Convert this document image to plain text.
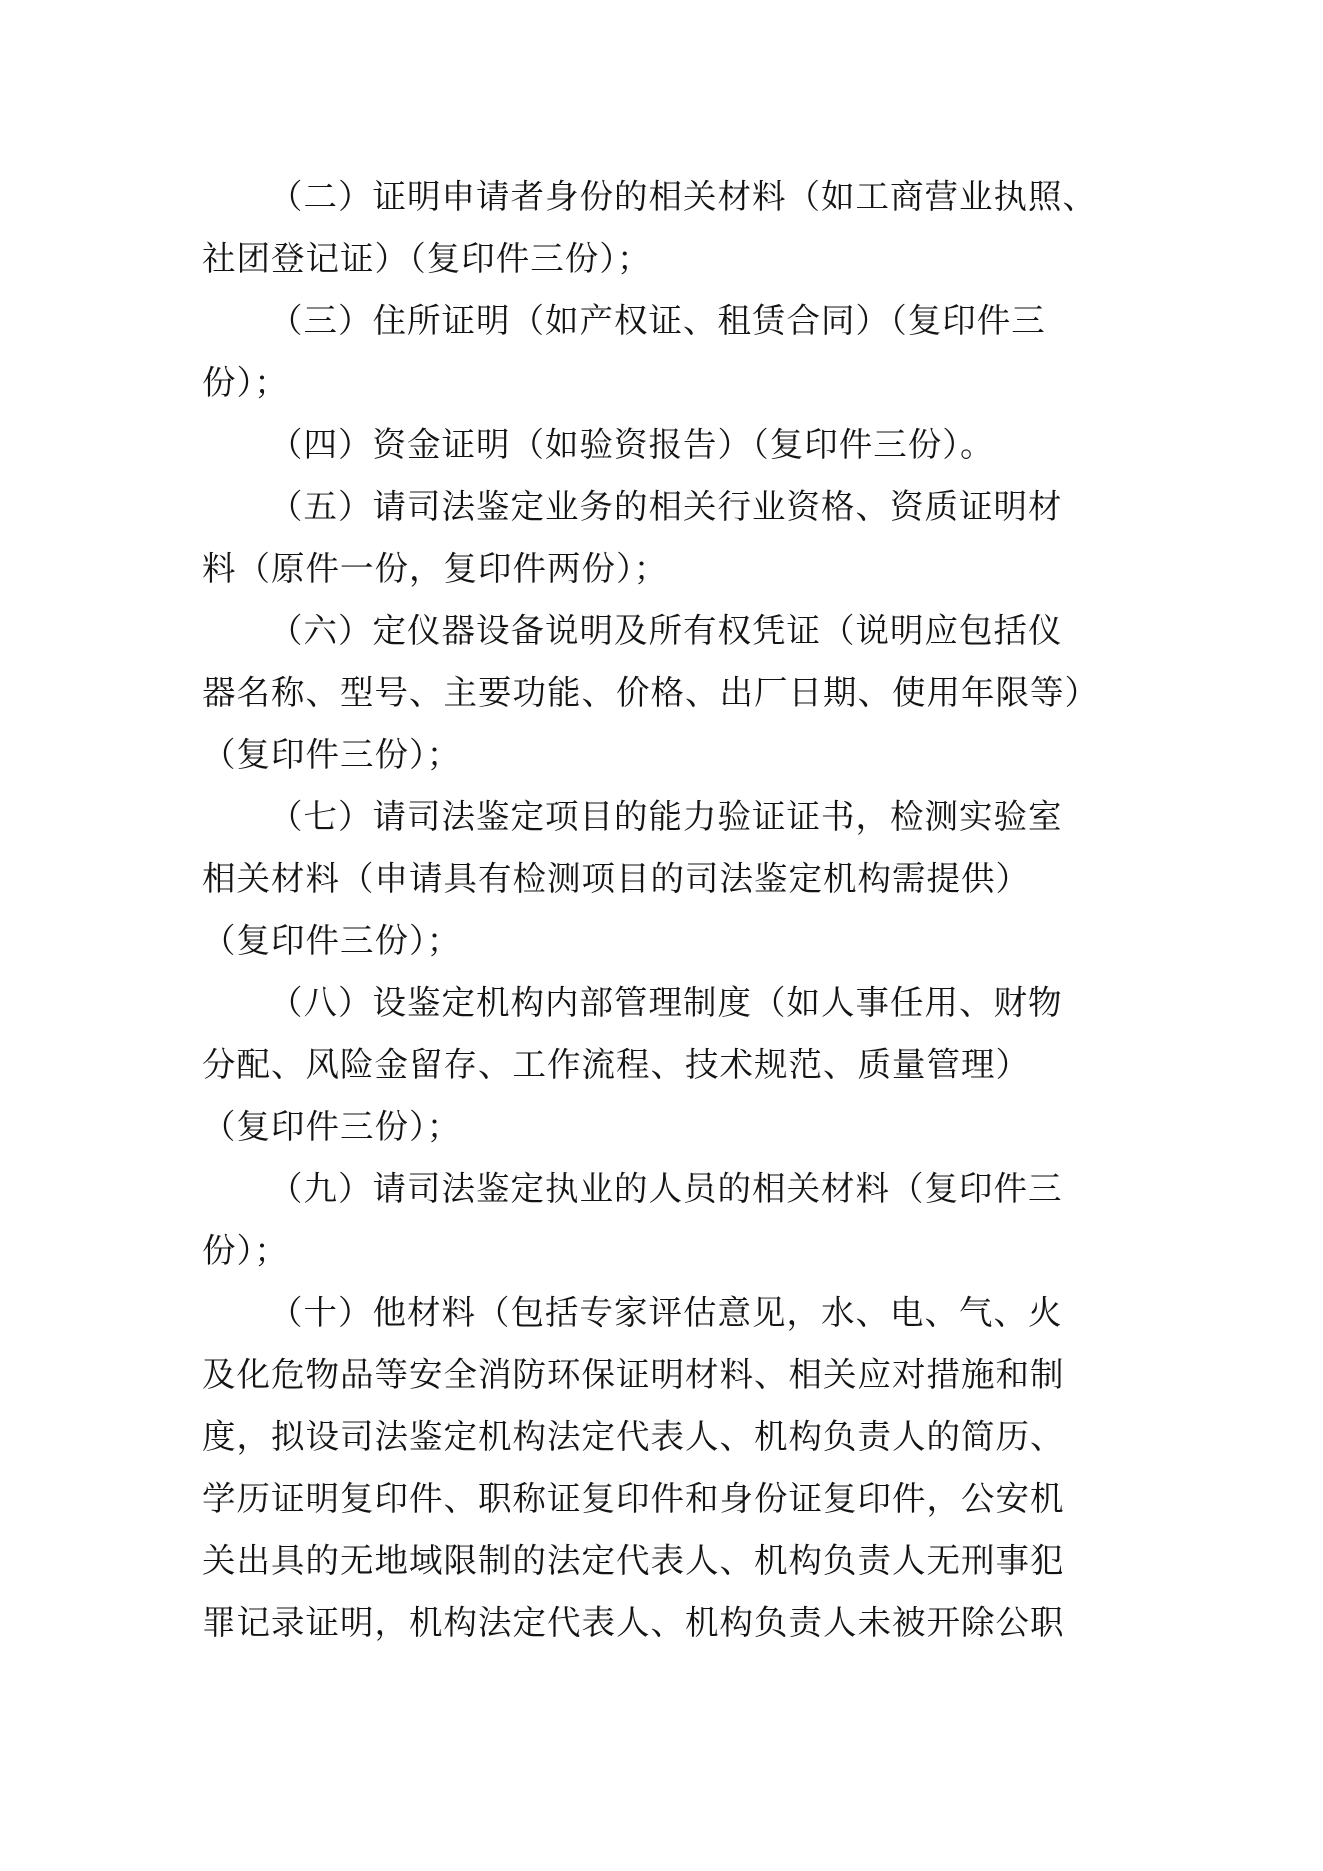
（二）证明申请者身份的相关材料（如工商营业执照、
社团登记证）（复印件三份）；
（三）住所证明（如产权证、租赁合同）（复印件三
份）；
（四）资金证明（如验资报告）（复印件三份）。
（五）请司法鉴定业务的相关行业资格、资质证明材
料（原件一份，复印件两份）；
（六）定仪器设备说明及所有权凭证（说明应包括仪
器名称、型号、主要功能、价格、出厂日期、使用年限等）
（复印件三份）；
（七）请司法鉴定项目的能力验证证书，检测实验室
相关材料（申请具有检测项目的司法鉴定机构需提供）
（复印件三份）；
（八）设鉴定机构内部管理制度（如人事任用、财物
分配、风险金留存、工作流程、技术规范、质量管理）
（复印件三份）；
（九）请司法鉴定执业的人员的相关材料（复印件三
份）；
（十）他材料（包括专家评估意见，水、电、气、火
及化危物品等安全消防环保证明材料、相关应对措施和制
度，拟设司法鉴定机构法定代表人、机构负责人的简历、
学历证明复印件、职称证复印件和身份证复印件，公安机
关出具的无地域限制的法定代表人、机构负责人无刑事犯
罪记录证明，机构法定代表人、机构负责人未被开除公职
